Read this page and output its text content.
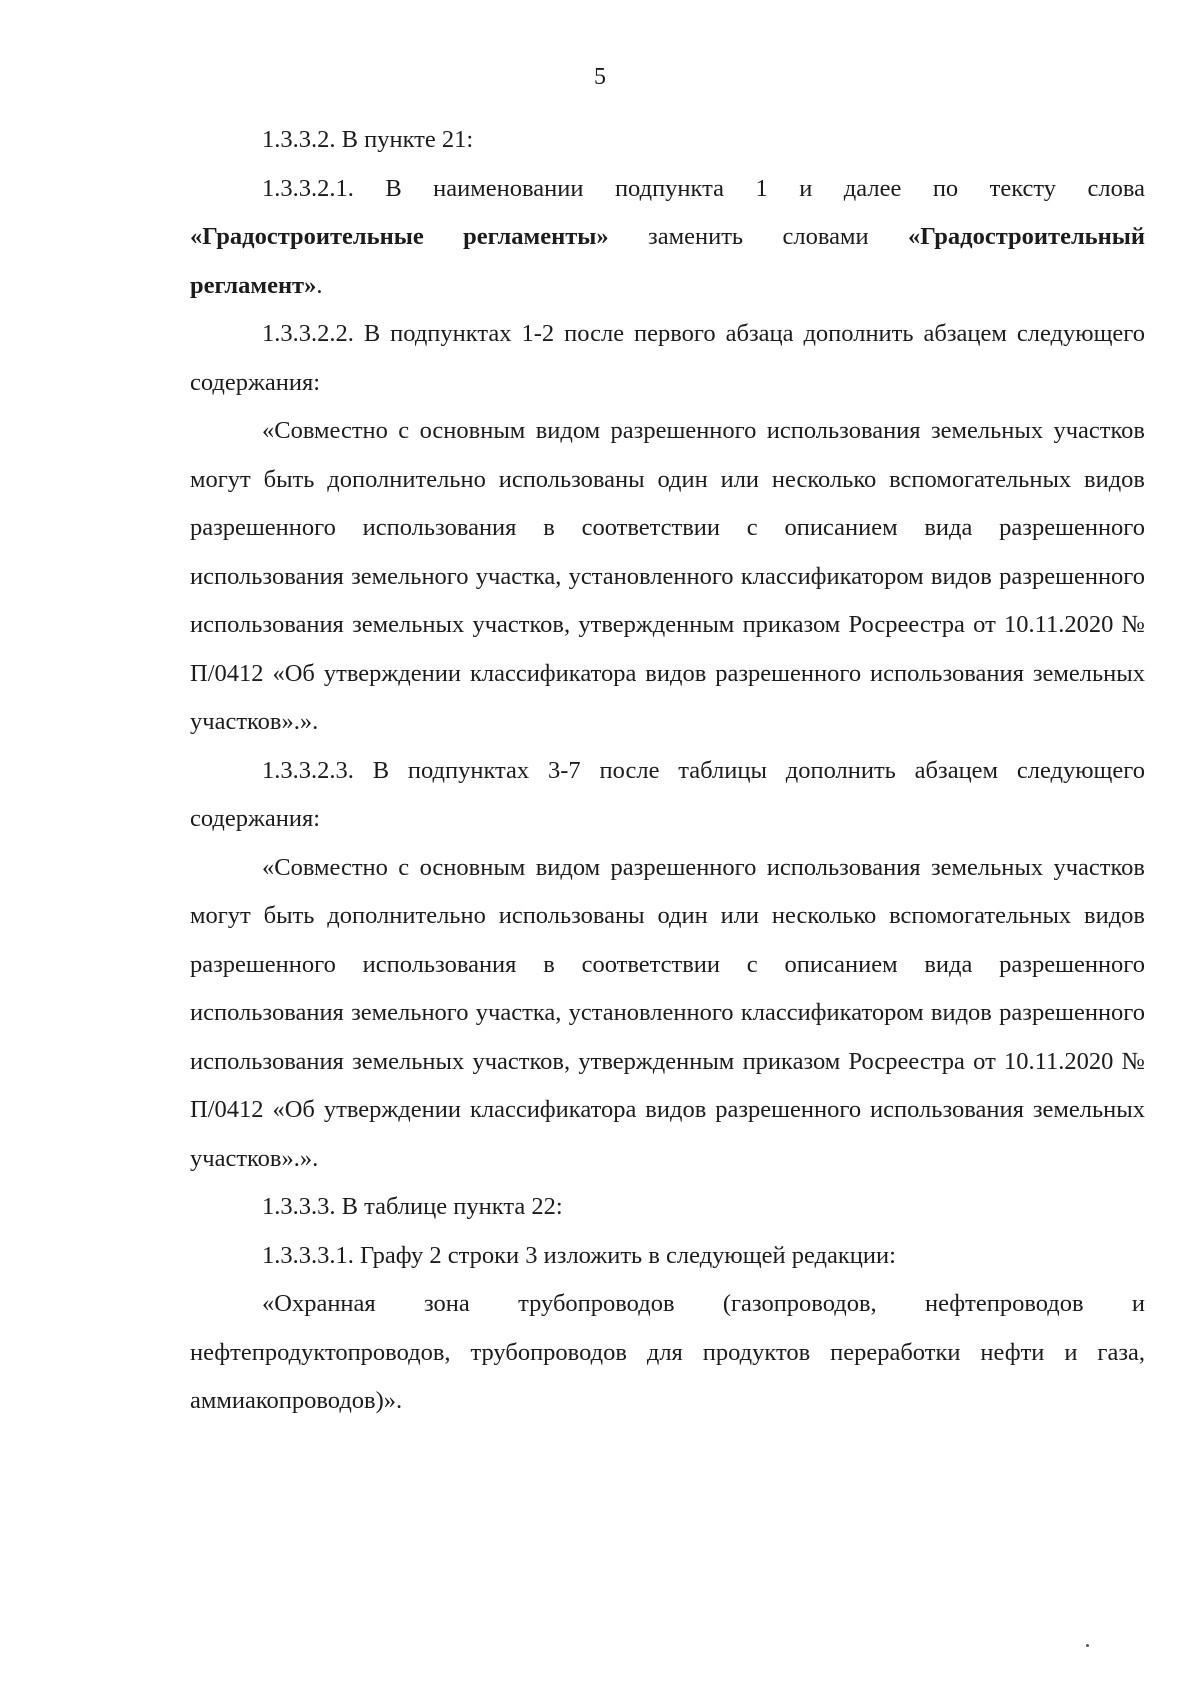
5

1.3.3.2. В пункте 21:

1.3.3.2.1. В наименовании подпункта 1 и далее по тексту слова «Градостроительные регламенты» заменить словами «Градостроительный регламент».

1.3.3.2.2. В подпунктах 1-2 после первого абзаца дополнить абзацем следующего содержания:

«Совместно с основным видом разрешенного использования земельных участков могут быть дополнительно использованы один или несколько вспомогательных видов разрешенного использования в соответствии с описанием вида разрешенного использования земельного участка, установленного классификатором видов разрешенного использования земельных участков, утвержденным приказом Росреестра от 10.11.2020 № П/0412 «Об утверждении классификатора видов разрешенного использования земельных участков».».

1.3.3.2.3. В подпунктах 3-7 после таблицы дополнить абзацем следующего содержания:

«Совместно с основным видом разрешенного использования земельных участков могут быть дополнительно использованы один или несколько вспомогательных видов разрешенного использования в соответствии с описанием вида разрешенного использования земельного участка, установленного классификатором видов разрешенного использования земельных участков, утвержденным приказом Росреестра от 10.11.2020 № П/0412 «Об утверждении классификатора видов разрешенного использования земельных участков».».

1.3.3.3. В таблице пункта 22:

1.3.3.3.1. Графу 2 строки 3 изложить в следующей редакции:

«Охранная зона трубопроводов (газопроводов, нефтепроводов и нефтепродуктопроводов, трубопроводов для продуктов переработки нефти и газа, аммиакопроводов)».
